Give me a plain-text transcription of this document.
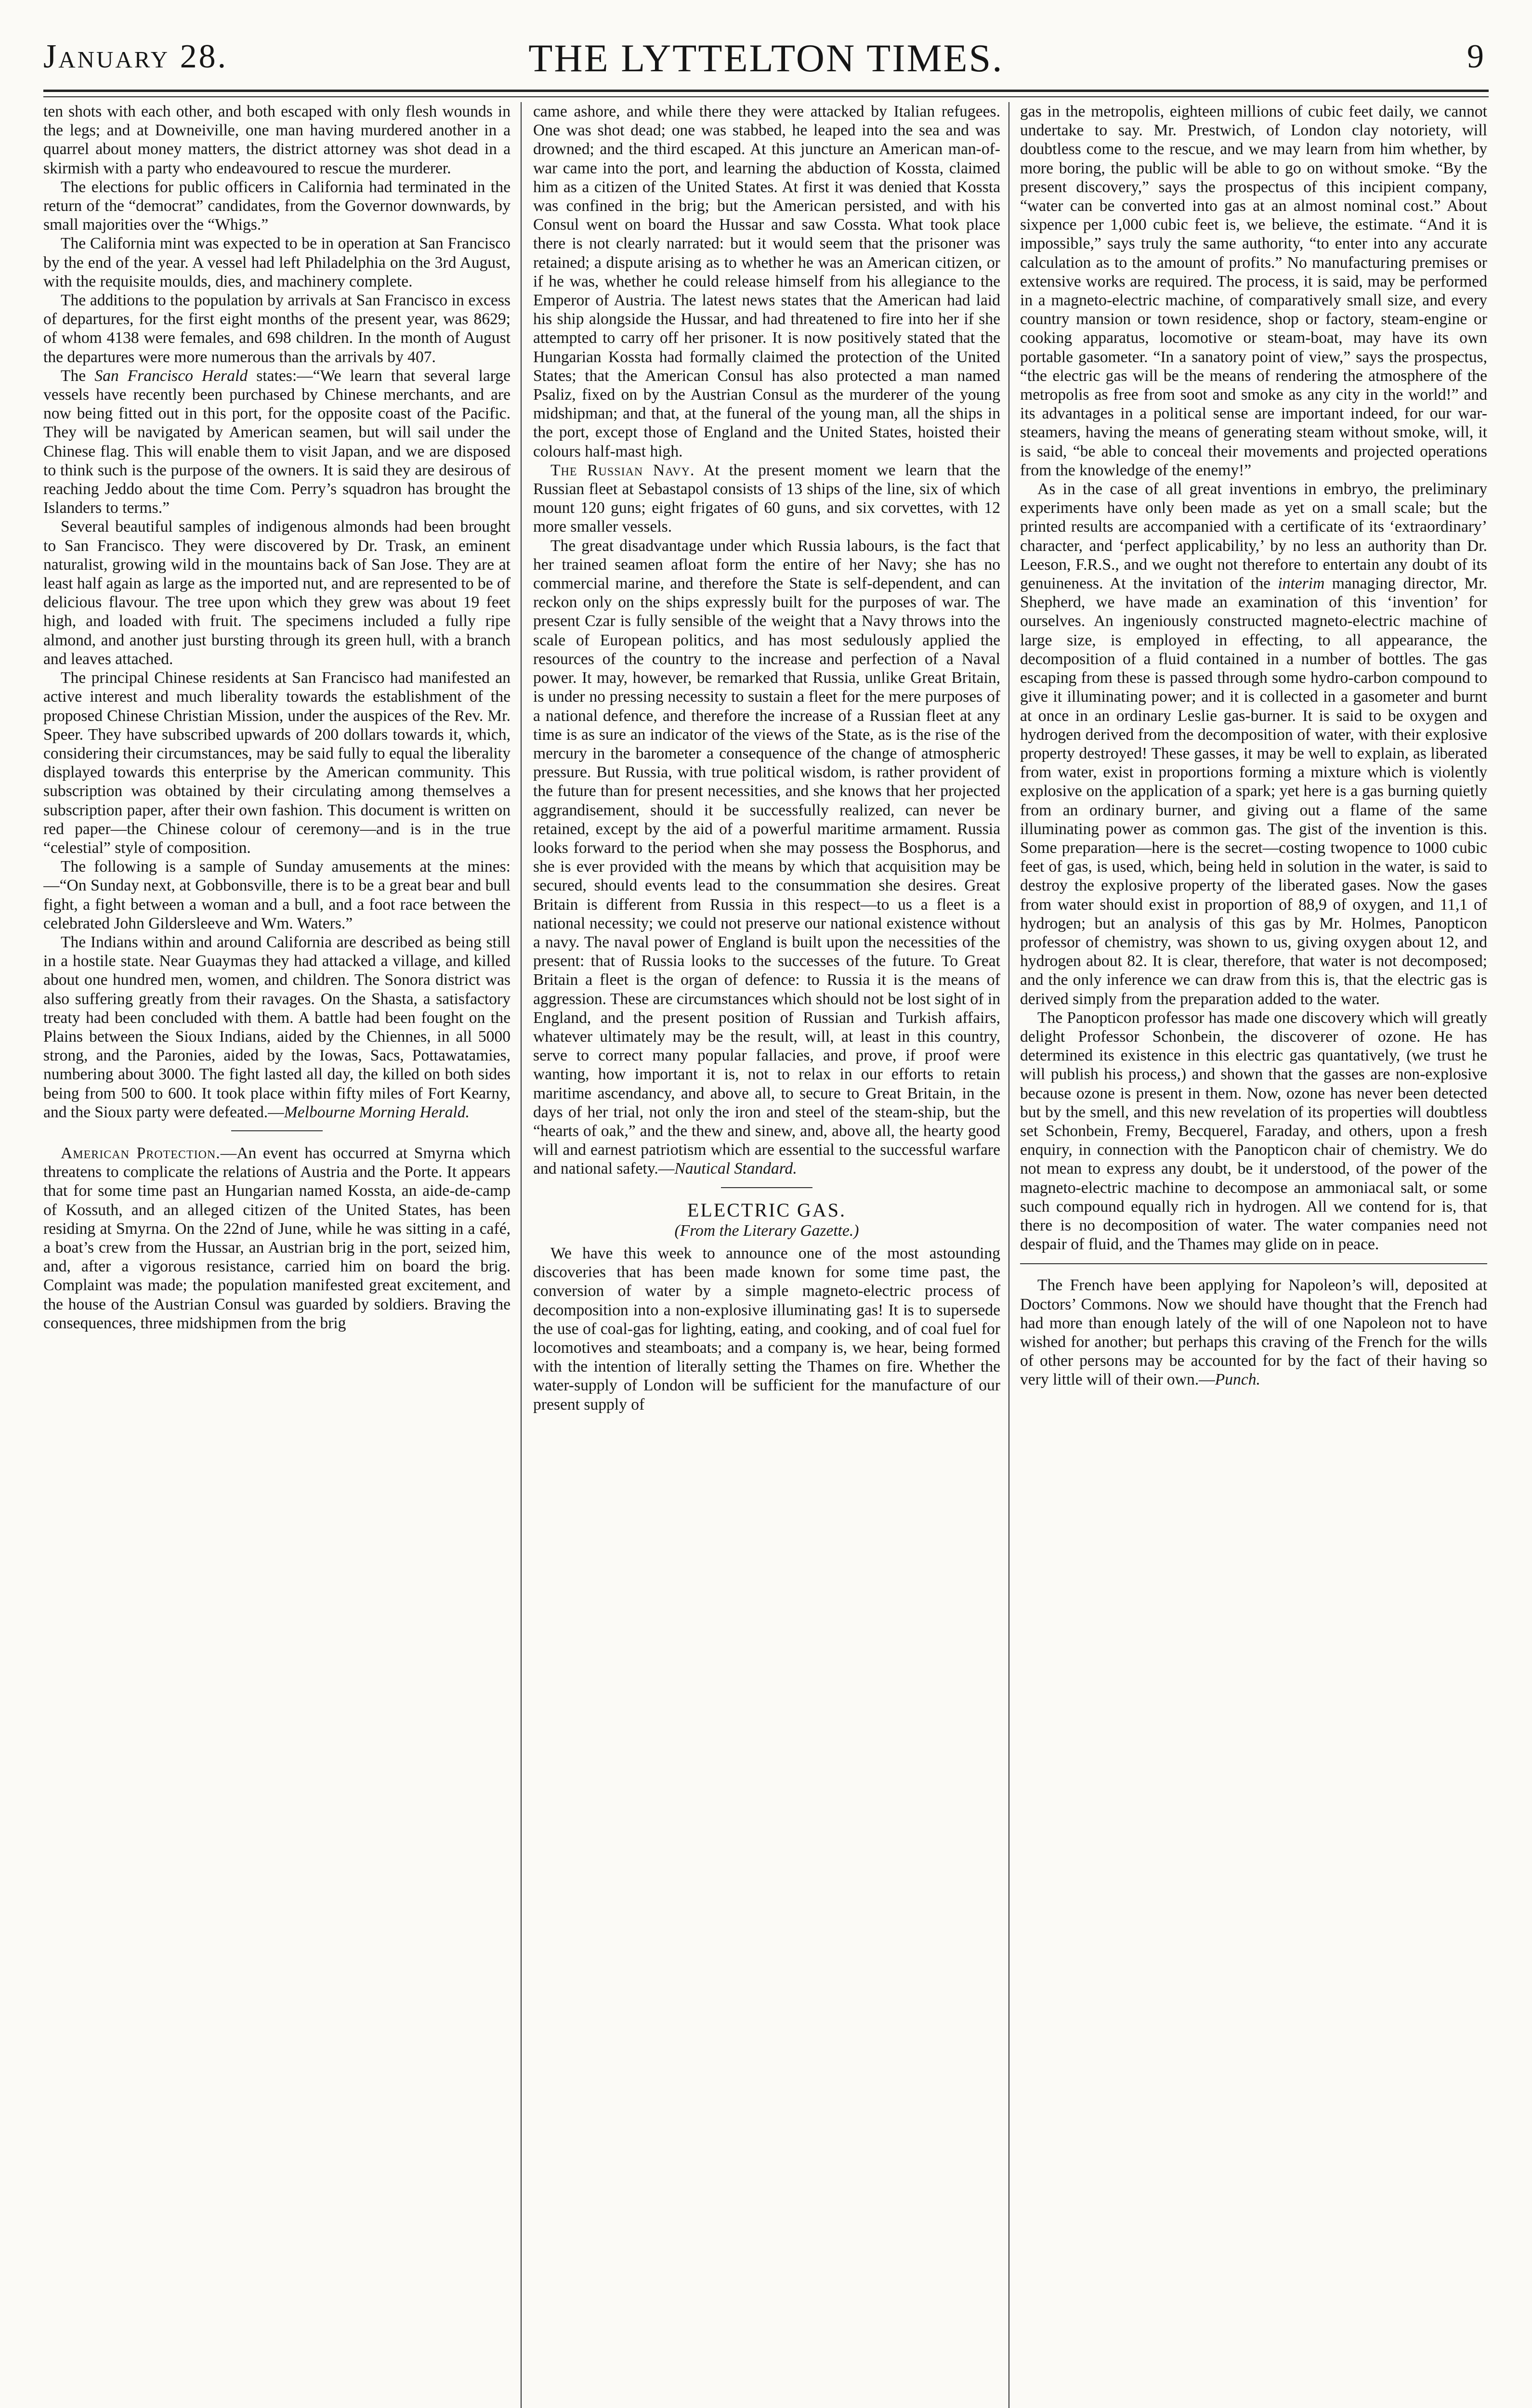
January 28.	THE LYTTELTON TIMES.	9

ten shots with each other, and both escaped with only flesh wounds in the legs; and at Downeiville, one man having murdered another in a quarrel about money matters, the district attorney was shot dead in a skirmish with a party who endeavoured to rescue the murderer.

The elections for public officers in California had terminated in the return of the “democrat” candidates, from the Governor downwards, by small majorities over the “Whigs.”

The California mint was expected to be in operation at San Francisco by the end of the year. A vessel had left Philadelphia on the 3rd August, with the requisite moulds, dies, and machinery complete.

The additions to the population by arrivals at San Francisco in excess of departures, for the first eight months of the present year, was 8629; of whom 4138 were females, and 698 children. In the month of August the departures were more numerous than the arrivals by 407.

The San Francisco Herald states:—“We learn that several large vessels have recently been purchased by Chinese merchants, and are now being fitted out in this port, for the opposite coast of the Pacific. They will be navigated by American seamen, but will sail under the Chinese flag. This will enable them to visit Japan, and we are disposed to think such is the purpose of the owners. It is said they are desirous of reaching Jeddo about the time Com. Perry’s squadron has brought the Islanders to terms.”

Several beautiful samples of indigenous almonds had been brought to San Francisco. They were discovered by Dr. Trask, an eminent naturalist, growing wild in the mountains back of San Jose. They are at least half again as large as the imported nut, and are represented to be of delicious flavour. The tree upon which they grew was about 19 feet high, and loaded with fruit. The specimens included a fully ripe almond, and another just bursting through its green hull, with a branch and leaves attached.

The principal Chinese residents at San Francisco had manifested an active interest and much liberality towards the establishment of the proposed Chinese Christian Mission, under the auspices of the Rev. Mr. Speer. They have subscribed upwards of 200 dollars towards it, which, considering their circumstances, may be said fully to equal the liberality displayed towards this enterprise by the American community. This subscription was obtained by their circulating among themselves a subscription paper, after their own fashion. This document is written on red paper—the Chinese colour of ceremony—and is in the true “celestial” style of composition.

The following is a sample of Sunday amusements at the mines:—“On Sunday next, at Gobbonsville, there is to be a great bear and bull fight, a fight between a woman and a bull, and a foot race between the celebrated John Gildersleeve and Wm. Waters.”

The Indians within and around California are described as being still in a hostile state. Near Guaymas they had attacked a village, and killed about one hundred men, women, and children. The Sonora district was also suffering greatly from their ravages. On the Shasta, a satisfactory treaty had been concluded with them. A battle had been fought on the Plains between the Sioux Indians, aided by the Chiennes, in all 5000 strong, and the Paronies, aided by the Iowas, Sacs, Pottawatamies, numbering about 3000. The fight lasted all day, the killed on both sides being from 500 to 600. It took place within fifty miles of Fort Kearny, and the Sioux party were defeated.—Melbourne Morning Herald.

American Protection.—An event has occurred at Smyrna which threatens to complicate the relations of Austria and the Porte. It appears that for some time past an Hungarian named Kossta, an aide-de-camp of Kossuth, and an alleged citizen of the United States, has been residing at Smyrna. On the 22nd of June, while he was sitting in a café, a boat’s crew from the Hussar, an Austrian brig in the port, seized him, and, after a vigorous resistance, carried him on board the brig. Complaint was made; the population manifested great excitement, and the house of the Austrian Consul was guarded by soldiers. Braving the consequences, three midshipmen from the brig

came ashore, and while there they were attacked by Italian refugees. One was shot dead; one was stabbed, he leaped into the sea and was drowned; and the third escaped. At this juncture an American man-of-war came into the port, and learning the abduction of Kossta, claimed him as a citizen of the United States. At first it was denied that Kossta was confined in the brig; but the American persisted, and with his Consul went on board the Hussar and saw Cossta. What took place there is not clearly narrated: but it would seem that the prisoner was retained; a dispute arising as to whether he was an American citizen, or if he was, whether he could release himself from his allegiance to the Emperor of Austria. The latest news states that the American had laid his ship alongside the Hussar, and had threatened to fire into her if she attempted to carry off her prisoner. It is now positively stated that the Hungarian Kossta had formally claimed the protection of the United States; that the American Consul has also protected a man named Psaliz, fixed on by the Austrian Consul as the murderer of the young midshipman; and that, at the funeral of the young man, all the ships in the port, except those of England and the United States, hoisted their colours half-mast high.

The Russian Navy. At the present moment we learn that the Russian fleet at Sebastapol consists of 13 ships of the line, six of which mount 120 guns; eight frigates of 60 guns, and six corvettes, with 12 more smaller vessels.

The great disadvantage under which Russia labours, is the fact that her trained seamen afloat form the entire of her Navy; she has no commercial marine, and therefore the State is self-dependent, and can reckon only on the ships expressly built for the purposes of war. The present Czar is fully sensible of the weight that a Navy throws into the scale of European politics, and has most sedulously applied the resources of the country to the increase and perfection of a Naval power. It may, however, be remarked that Russia, unlike Great Britain, is under no pressing necessity to sustain a fleet for the mere purposes of a national defence, and therefore the increase of a Russian fleet at any time is as sure an indicator of the views of the State, as is the rise of the mercury in the barometer a consequence of the change of atmospheric pressure. But Russia, with true political wisdom, is rather provident of the future than for present necessities, and she knows that her projected aggrandisement, should it be successfully realized, can never be retained, except by the aid of a powerful maritime armament. Russia looks forward to the period when she may possess the Bosphorus, and she is ever provided with the means by which that acquisition may be secured, should events lead to the consummation she desires. Great Britain is different from Russia in this respect—to us a fleet is a national necessity; we could not preserve our national existence without a navy. The naval power of England is built upon the necessities of the present: that of Russia looks to the successes of the future. To Great Britain a fleet is the organ of defence: to Russia it is the means of aggression. These are circumstances which should not be lost sight of in England, and the present position of Russian and Turkish affairs, whatever ultimately may be the result, will, at least in this country, serve to correct many popular fallacies, and prove, if proof were wanting, how important it is, not to relax in our efforts to retain maritime ascendancy, and above all, to secure to Great Britain, in the days of her trial, not only the iron and steel of the steam-ship, but the “hearts of oak,” and the thew and sinew, and, above all, the hearty good will and earnest patriotism which are essential to the successful warfare and national safety.—Nautical Standard.

ELECTRIC GAS.
(From the Literary Gazette.)

We have this week to announce one of the most astounding discoveries that has been made known for some time past, the conversion of water by a simple magneto-electric process of decomposition into a non-explosive illuminating gas! It is to supersede the use of coal-gas for lighting, eating, and cooking, and of coal fuel for locomotives and steamboats; and a company is, we hear, being formed with the intention of literally setting the Thames on fire. Whether the water-supply of London will be sufficient for the manufacture of our present supply of

gas in the metropolis, eighteen millions of cubic feet daily, we cannot undertake to say. Mr. Prestwich, of London clay notoriety, will doubtless come to the rescue, and we may learn from him whether, by more boring, the public will be able to go on without smoke. “By the present discovery,” says the prospectus of this incipient company, “water can be converted into gas at an almost nominal cost.” About sixpence per 1,000 cubic feet is, we believe, the estimate. “And it is impossible,” says truly the same authority, “to enter into any accurate calculation as to the amount of profits.” No manufacturing premises or extensive works are required. The process, it is said, may be performed in a magneto-electric machine, of comparatively small size, and every country mansion or town residence, shop or factory, steam-engine or cooking apparatus, locomotive or steam-boat, may have its own portable gasometer. “In a sanatory point of view,” says the prospectus, “the electric gas will be the means of rendering the atmosphere of the metropolis as free from soot and smoke as any city in the world!” and its advantages in a political sense are important indeed, for our war-steamers, having the means of generating steam without smoke, will, it is said, “be able to conceal their movements and projected operations from the knowledge of the enemy!”

As in the case of all great inventions in embryo, the preliminary experiments have only been made as yet on a small scale; but the printed results are accompanied with a certificate of its ‘extraordinary’ character, and ‘perfect applicability,’ by no less an authority than Dr. Leeson, F.R.S., and we ought not therefore to entertain any doubt of its genuineness. At the invitation of the interim managing director, Mr. Shepherd, we have made an examination of this ‘invention’ for ourselves. An ingeniously constructed magneto-electric machine of large size, is employed in effecting, to all appearance, the decomposition of a fluid contained in a number of bottles. The gas escaping from these is passed through some hydro-carbon compound to give it illuminating power; and it is collected in a gasometer and burnt at once in an ordinary Leslie gas-burner. It is said to be oxygen and hydrogen derived from the decomposition of water, with their explosive property destroyed! These gasses, it may be well to explain, as liberated from water, exist in proportions forming a mixture which is violently explosive on the application of a spark; yet here is a gas burning quietly from an ordinary burner, and giving out a flame of the same illuminating power as common gas. The gist of the invention is this. Some preparation—here is the secret—costing twopence to 1000 cubic feet of gas, is used, which, being held in solution in the water, is said to destroy the explosive property of the liberated gases. Now the gases from water should exist in proportion of 88,9 of oxygen, and 11,1 of hydrogen; but an analysis of this gas by Mr. Holmes, Panopticon professor of chemistry, was shown to us, giving oxygen about 12, and hydrogen about 82. It is clear, therefore, that water is not decomposed; and the only inference we can draw from this is, that the electric gas is derived simply from the preparation added to the water.

The Panopticon professor has made one discovery which will greatly delight Professor Schonbein, the discoverer of ozone. He has determined its existence in this electric gas quantatively, (we trust he will publish his process,) and shown that the gasses are non-explosive because ozone is present in them. Now, ozone has never been detected but by the smell, and this new revelation of its properties will doubtless set Schonbein, Fremy, Becquerel, Faraday, and others, upon a fresh enquiry, in connection with the Panopticon chair of chemistry. We do not mean to express any doubt, be it understood, of the power of the magneto-electric machine to decompose an ammoniacal salt, or some such compound equally rich in hydrogen. All we contend for is, that there is no decomposition of water. The water companies need not despair of fluid, and the Thames may glide on in peace.

The French have been applying for Napoleon’s will, deposited at Doctors’ Commons. Now we should have thought that the French had had more than enough lately of the will of one Napoleon not to have wished for another; but perhaps this craving of the French for the wills of other persons may be accounted for by the fact of their having so very little will of their own.—Punch.
